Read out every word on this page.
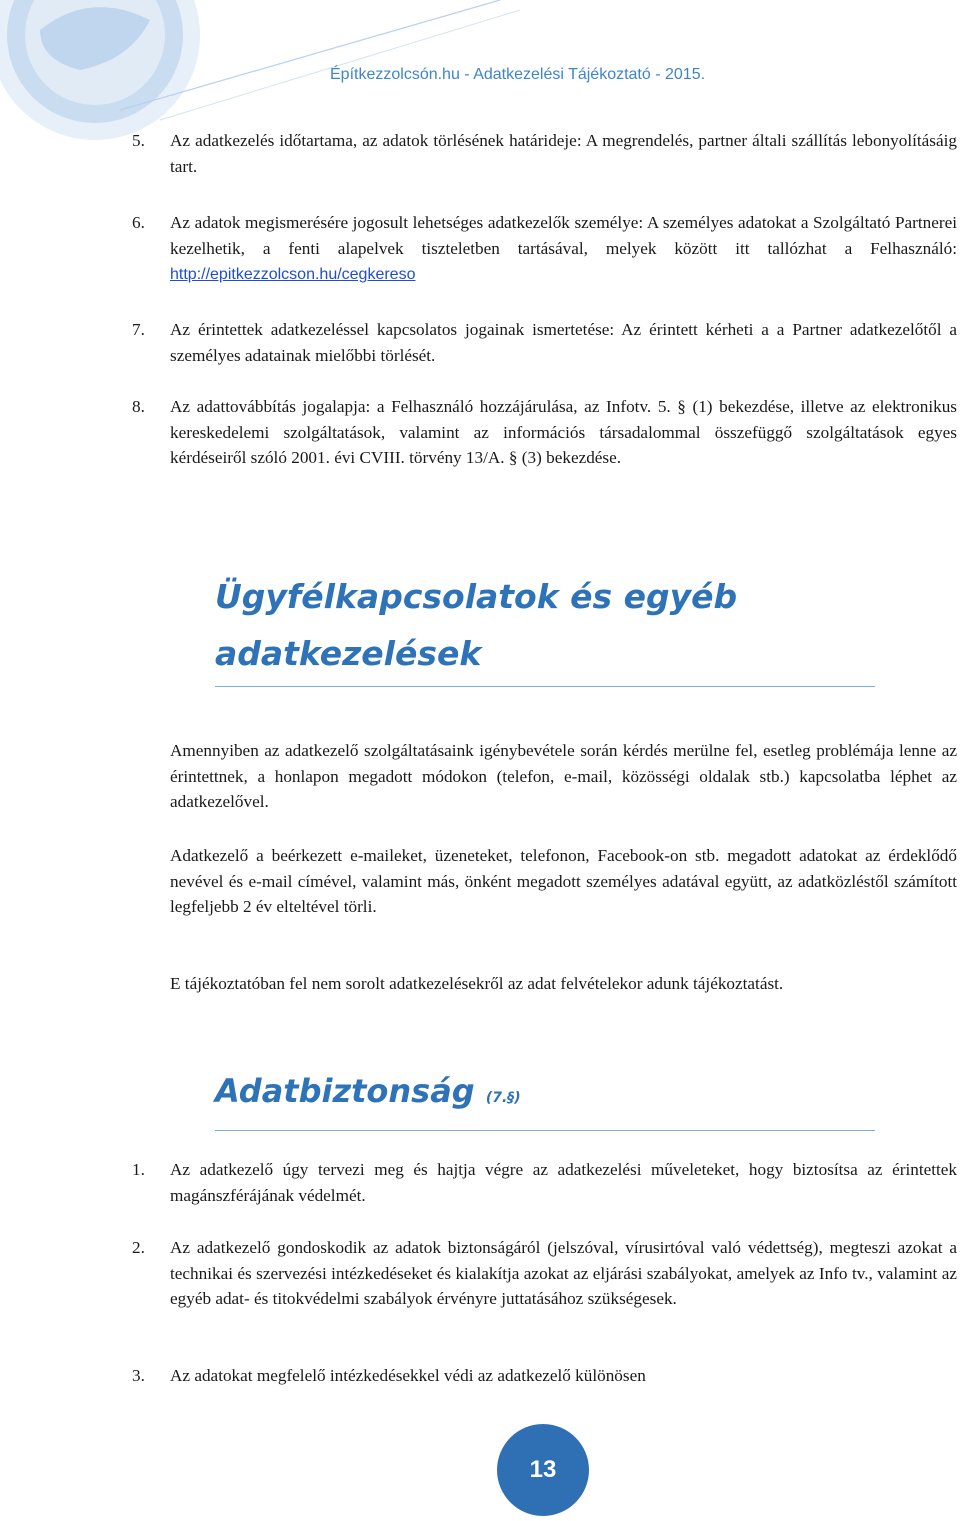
Építkezzolcsón.hu - Adatkezelési Tájékoztató - 2015.
5. Az adatkezelés időtartama, az adatok törlésének határideje: A megrendelés, partner általi szállítás lebonyolításáig tart.
6. Az adatok megismerésére jogosult lehetséges adatkezelők személye: A személyes adatokat a Szolgáltató Partnerei kezelhetik, a fenti alapelvek tiszteletben tartásával, melyek között itt tallózhat a Felhasználó: http://epitkezzolcson.hu/cegkereso
7. Az érintettek adatkezeléssel kapcsolatos jogainak ismertetése: Az érintett kérheti a a Partner adatkezelőtől a személyes adatainak mielőbbi törlését.
8. Az adattovábbítás jogalapja: a Felhasználó hozzájárulása, az Infotv. 5. § (1) bekezdése, illetve az elektronikus kereskedelemi szolgáltatások, valamint az információs társadalommal összefüggő szolgáltatások egyes kérdéseiről szóló 2001. évi CVIII. törvény 13/A. § (3) bekezdése.
Ügyfélkapcsolatok és egyéb adatkezelések
Amennyiben az adatkezelő szolgáltatásaink igénybevétele során kérdés merülne fel, esetleg problémája lenne az érintettnek, a honlapon megadott módokon (telefon, e-mail, közösségi oldalak stb.) kapcsolatba léphet az adatkezelővel.
Adatkezelő a beérkezett e-maileket, üzeneteket, telefonon, Facebook-on stb. megadott adatokat az érdeklődő nevével és e-mail címével, valamint más, önként megadott személyes adatával együtt, az adatközléstől számított legfeljebb 2 év elteltével törli.
E tájékoztatóban fel nem sorolt adatkezelésekről az adat felvételekor adunk tájékoztatást.
Adatbiztonság (7.§)
1. Az adatkezelő úgy tervezi meg és hajtja végre az adatkezelési műveleteket, hogy biztosítsa az érintettek magánszférájának védelmét.
2. Az adatkezelő gondoskodik az adatok biztonságáról (jelszóval, vírusirtóval való védettség), megteszi azokat a technikai és szervezési intézkedéseket és kialakítja azokat az eljárási szabályokat, amelyek az Info tv., valamint az egyéb adat- és titokvédelmi szabályok érvényre juttatásához szükségesek.
3. Az adatokat megfelelő intézkedésekkel védi az adatkezelő különösen
13
